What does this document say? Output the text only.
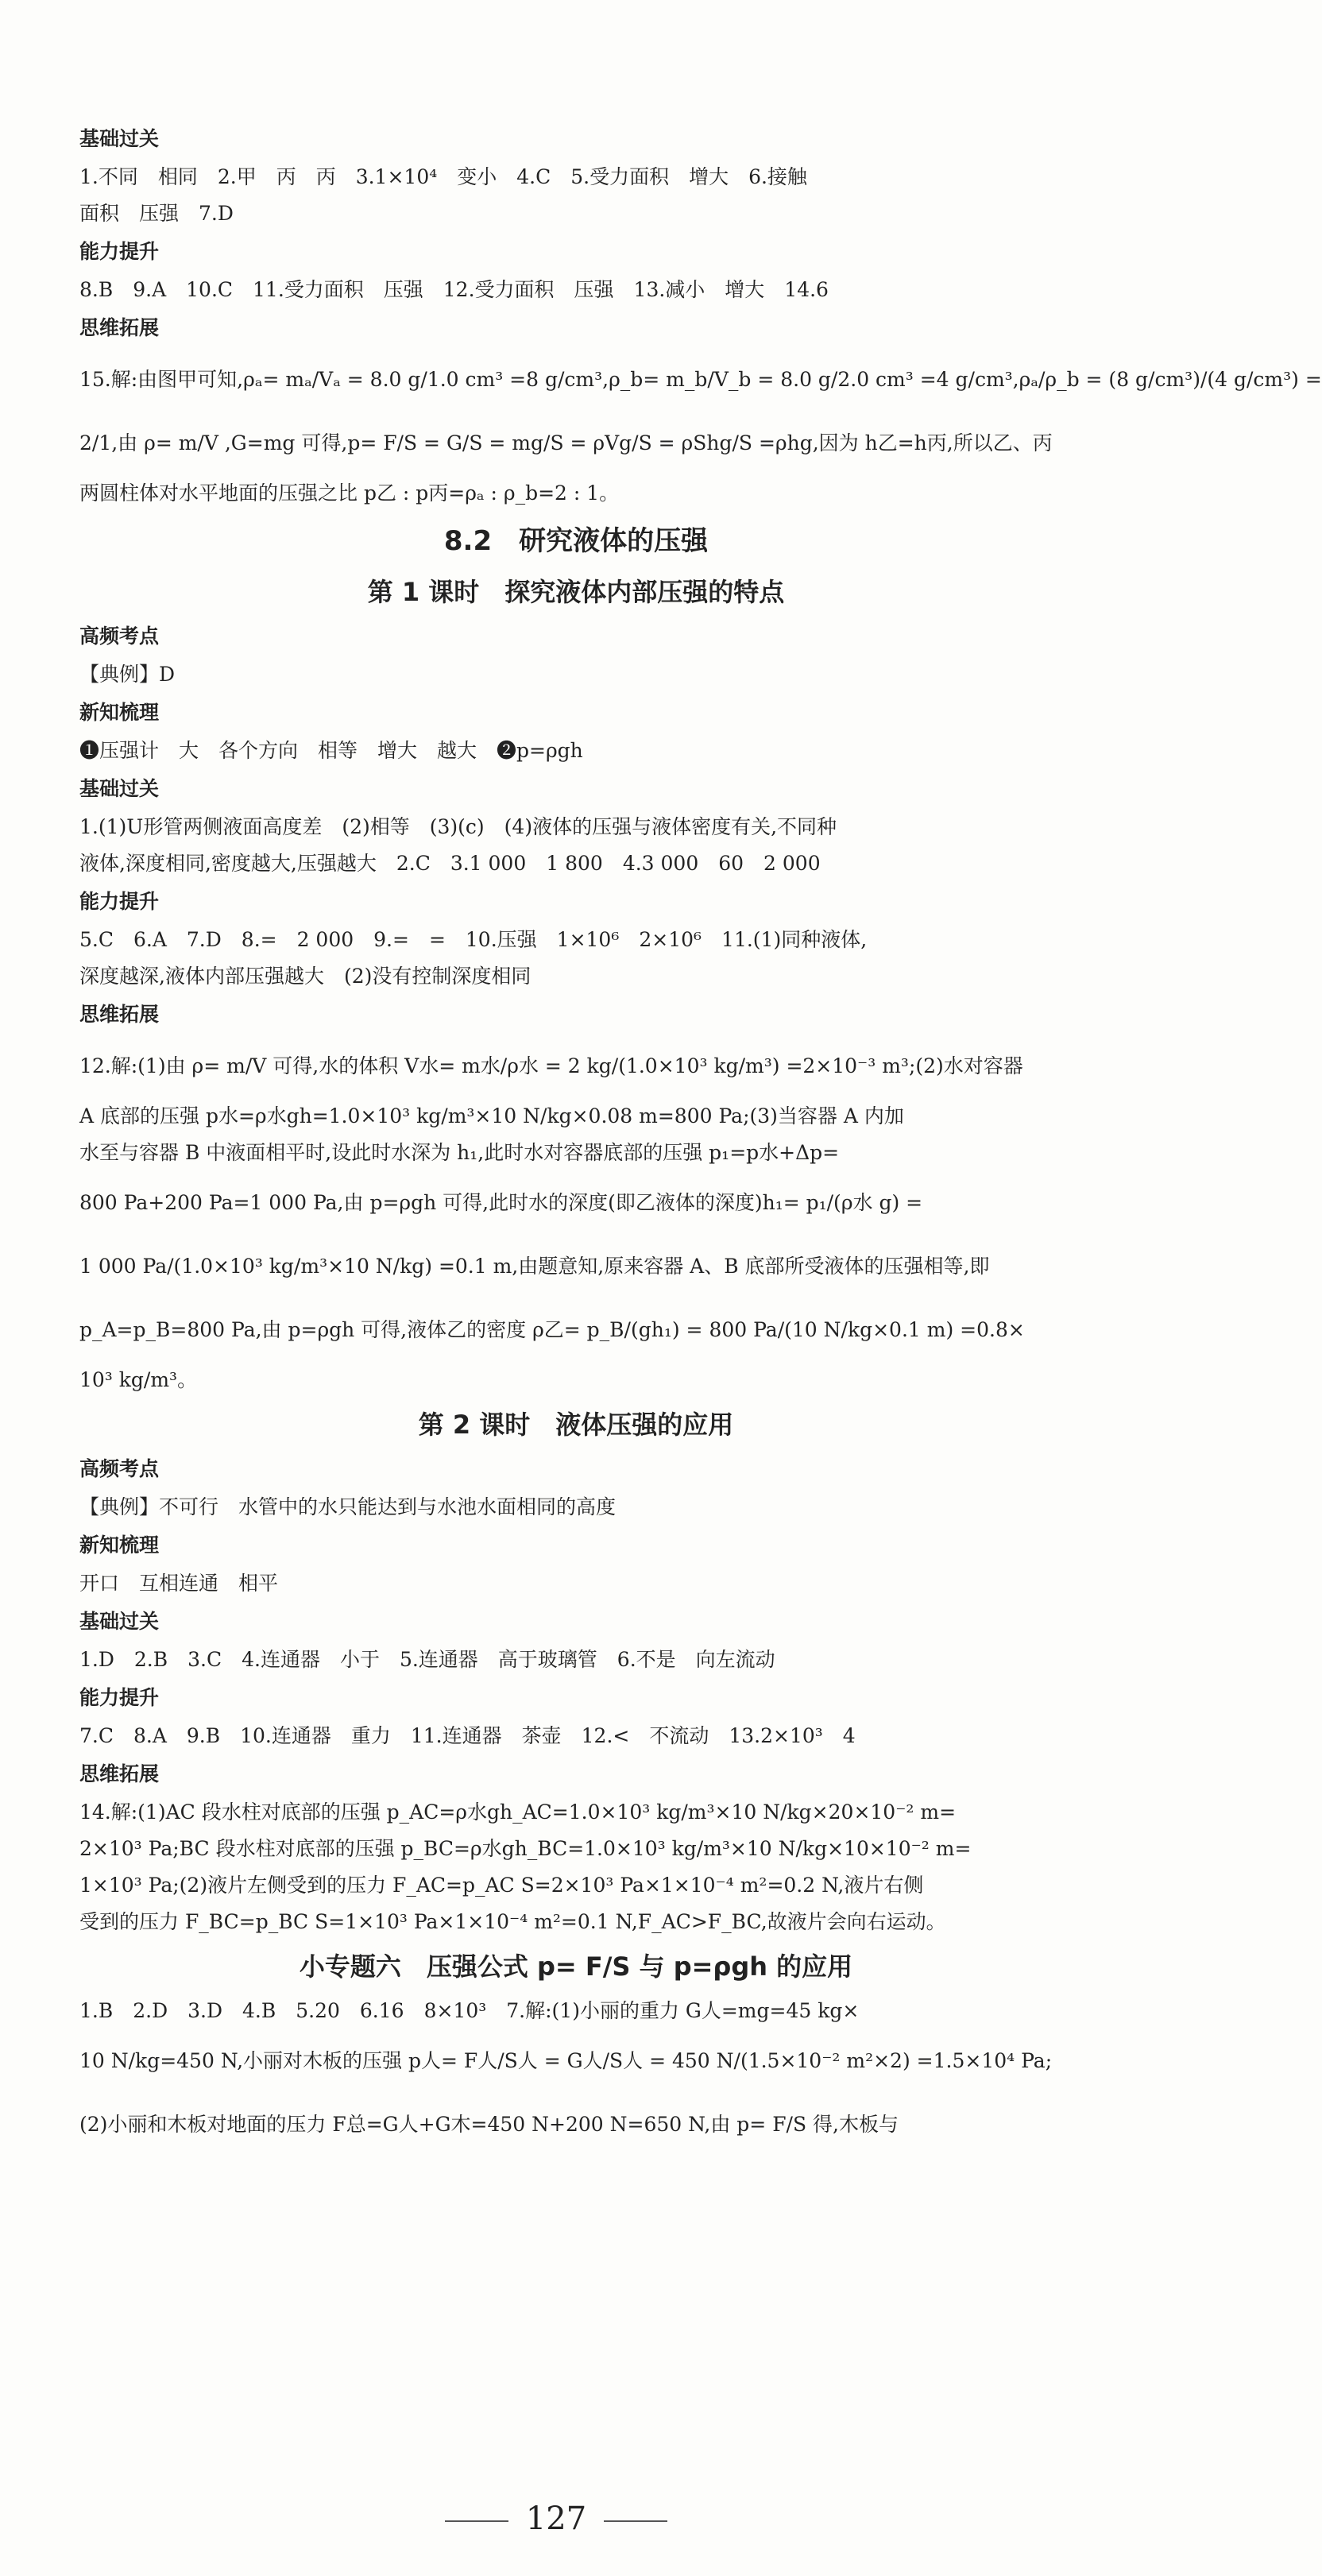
基础过关
1.不同　相同　2.甲　丙　丙　3.1×10⁴　变小　4.C　5.受力面积　增大　6.接触
面积　压强　7.D
能力提升
8.B　9.A　10.C　11.受力面积　压强　12.受力面积　压强　13.减小　增大　14.6
思维拓展
15.解:由图甲可知,ρₐ= mₐ/Vₐ = 8.0 g/1.0 cm³ =8 g/cm³,ρ_b= m_b/V_b = 8.0 g/2.0 cm³ =4 g/cm³,ρₐ/ρ_b = (8 g/cm³)/(4 g/cm³) =
2/1,由 ρ= m/V ,G=mg 可得,p= F/S = G/S = mg/S = ρVg/S = ρShg/S =ρhg,因为 h乙=h丙,所以乙、丙
两圆柱体对水平地面的压强之比 p乙 : p丙=ρₐ : ρ_b=2 : 1。
8.2　研究液体的压强
第 1 课时　探究液体内部压强的特点
高频考点
【典例】D
新知梳理
❶压强计　大　各个方向　相等　增大　越大　❷p=ρgh
基础过关
1.(1)U形管两侧液面高度差　(2)相等　(3)(c)　(4)液体的压强与液体密度有关,不同种
液体,深度相同,密度越大,压强越大　2.C　3.1 000　1 800　4.3 000　60　2 000
能力提升
5.C　6.A　7.D　8.=　2 000　9.=　=　10.压强　1×10⁶　2×10⁶　11.(1)同种液体,
深度越深,液体内部压强越大　(2)没有控制深度相同
思维拓展
12.解:(1)由 ρ= m/V 可得,水的体积 V水= m水/ρ水 = 2 kg/(1.0×10³ kg/m³) =2×10⁻³ m³;(2)水对容器
A 底部的压强 p水=ρ水gh=1.0×10³ kg/m³×10 N/kg×0.08 m=800 Pa;(3)当容器 A 内加
水至与容器 B 中液面相平时,设此时水深为 h₁,此时水对容器底部的压强 p₁=p水+Δp=
800 Pa+200 Pa=1 000 Pa,由 p=ρgh 可得,此时水的深度(即乙液体的深度)h₁= p₁/(ρ水 g) =
1 000 Pa/(1.0×10³ kg/m³×10 N/kg) =0.1 m,由题意知,原来容器 A、B 底部所受液体的压强相等,即
p_A=p_B=800 Pa,由 p=ρgh 可得,液体乙的密度 ρ乙= p_B/(gh₁) = 800 Pa/(10 N/kg×0.1 m) =0.8×
10³ kg/m³。
第 2 课时　液体压强的应用
高频考点
【典例】不可行　水管中的水只能达到与水池水面相同的高度
新知梳理
开口　互相连通　相平
基础过关
1.D　2.B　3.C　4.连通器　小于　5.连通器　高于玻璃管　6.不是　向左流动
能力提升
7.C　8.A　9.B　10.连通器　重力　11.连通器　茶壶　12.<　不流动　13.2×10³　4
思维拓展
14.解:(1)AC 段水柱对底部的压强 p_AC=ρ水gh_AC=1.0×10³ kg/m³×10 N/kg×20×10⁻² m=
2×10³ Pa;BC 段水柱对底部的压强 p_BC=ρ水gh_BC=1.0×10³ kg/m³×10 N/kg×10×10⁻² m=
1×10³ Pa;(2)液片左侧受到的压力 F_AC=p_AC S=2×10³ Pa×1×10⁻⁴ m²=0.2 N,液片右侧
受到的压力 F_BC=p_BC S=1×10³ Pa×1×10⁻⁴ m²=0.1 N,F_AC>F_BC,故液片会向右运动。
小专题六　压强公式 p= F/S 与 p=ρgh 的应用
1.B　2.D　3.D　4.B　5.20　6.16　8×10³　7.解:(1)小丽的重力 G人=mg=45 kg×
10 N/kg=450 N,小丽对木板的压强 p人= F人/S人 = G人/S人 = 450 N/(1.5×10⁻² m²×2) =1.5×10⁴ Pa;
(2)小丽和木板对地面的压力 F总=G人+G木=450 N+200 N=650 N,由 p= F/S 得,木板与
127
